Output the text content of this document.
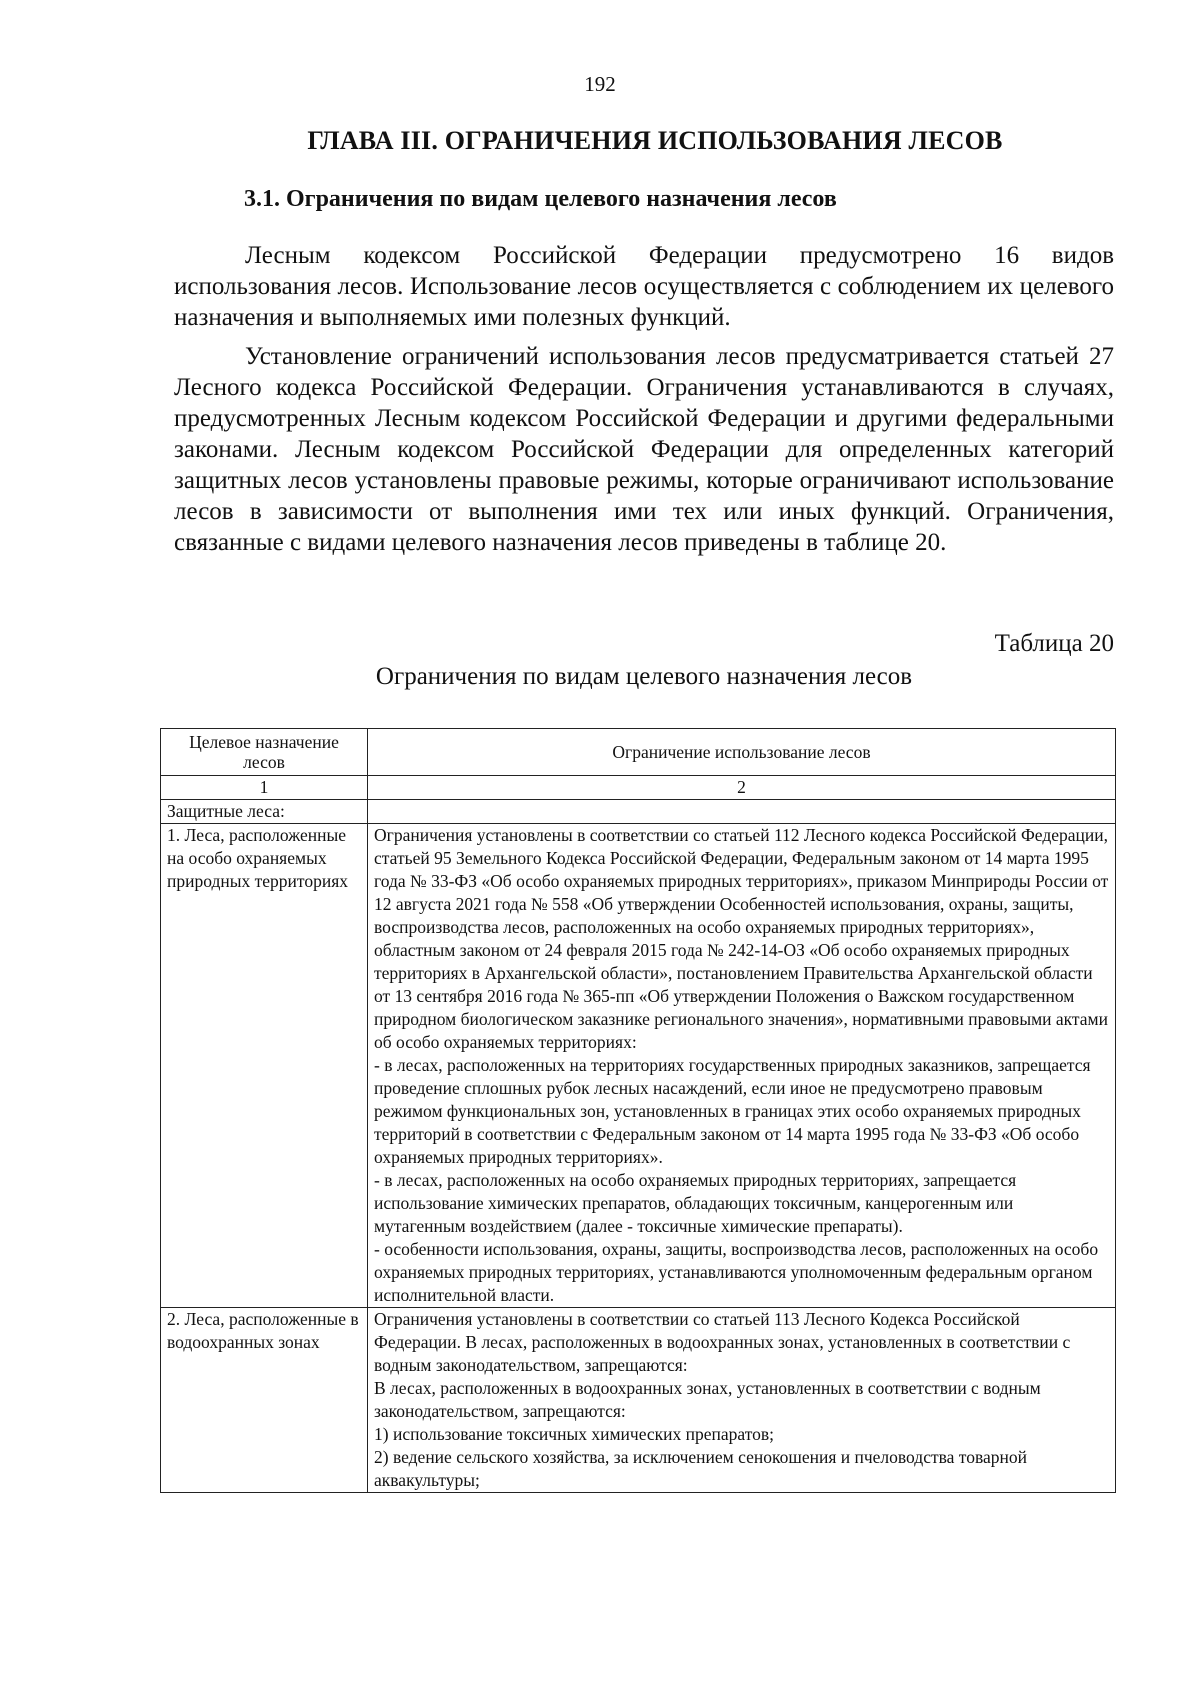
192
ГЛАВА III. ОГРАНИЧЕНИЯ ИСПОЛЬЗОВАНИЯ ЛЕСОВ
3.1. Ограничения по видам целевого назначения лесов

Лесным кодексом Российской Федерации предусмотрено 16 видов использования лесов. Использование лесов осуществляется с соблюдением их целевого назначения и выполняемых ими полезных функций.

Установление ограничений использования лесов предусматривается статьей 27 Лесного кодекса Российской Федерации. Ограничения устанавливаются в случаях, предусмотренных Лесным кодексом Российской Федерации и другими федеральными законами. Лесным кодексом Российской Федерации для определенных категорий защитных лесов установлены правовые режимы, которые ограничивают использование лесов в зависимости от выполнения ими тех или иных функций. Ограничения, связанные с видами целевого назначения лесов приведены в таблице 20.

Таблица 20
Ограничения по видам целевого назначения лесов
Целевое назначение лесов	Ограничение использование лесов
1	2
Защитные леса:	
1. Леса, расположенные на особо охраняемых природных территориях	Ограничения установлены в соответствии со статьей 112 Лесного кодекса Российской Федерации, статьей 95 Земельного Кодекса Российской Федерации, Федеральным законом от 14 марта 1995 года № 33-ФЗ «Об особо охраняемых природных территориях», приказом Минприроды России от 12 августа 2021 года № 558 «Об утверждении Особенностей использования, охраны, защиты, воспроизводства лесов, расположенных на особо охраняемых природных территориях», областным законом от 24 февраля 2015 года № 242-14-ОЗ «Об особо охраняемых природных территориях в Архангельской области», постановлением Правительства Архангельской области от 13 сентября 2016 года № 365-пп «Об утверждении Положения о Важском государственном природном биологическом заказнике регионального значения», нормативными правовыми актами об особо охраняемых территориях:
- в лесах, расположенных на территориях государственных природных заказников, запрещается проведение сплошных рубок лесных насаждений, если иное не предусмотрено правовым режимом функциональных зон, установленных в границах этих особо охраняемых природных территорий в соответствии с Федеральным законом от 14 марта 1995 года № 33-ФЗ «Об особо охраняемых природных территориях».
- в лесах, расположенных на особо охраняемых природных территориях, запрещается использование химических препаратов, обладающих токсичным, канцерогенным или мутагенным воздействием (далее - токсичные химические препараты).
- особенности использования, охраны, защиты, воспроизводства лесов, расположенных на особо охраняемых природных территориях, устанавливаются уполномоченным федеральным органом исполнительной власти.

2. Леса, расположенные в водоохранных зонах	Ограничения установлены в соответствии со статьей 113 Лесного Кодекса Российской Федерации. В лесах, расположенных в водоохранных зонах, установленных в соответствии с водным законодательством, запрещаются:
В лесах, расположенных в водоохранных зонах, установленных в соответствии с водным законодательством, запрещаются:
1) использование токсичных химических препаратов;
2) ведение сельского хозяйства, за исключением сенокошения и пчеловодства товарной аквакультуры;
